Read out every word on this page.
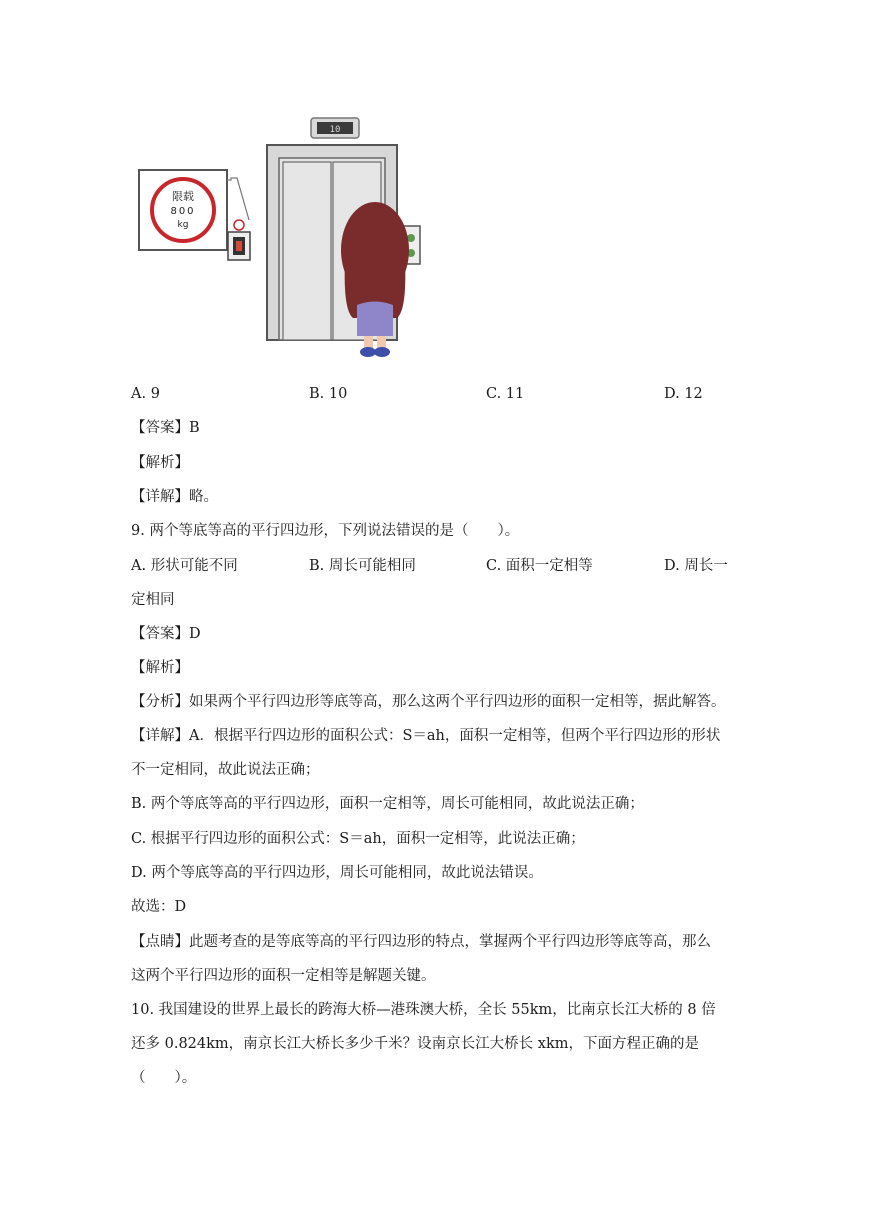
限载
800
kg
10
A. 9	B. 10	C. 11	D. 12
【答案】B
【解析】
【详解】略。
9. 两个等底等高的平行四边形，下列说法错误的是（　　）。
A. 形状可能不同	B. 周长可能相同	C. 面积一定相等	D. 周长一
定相同
【答案】D
【解析】
【分析】如果两个平行四边形等底等高，那么这两个平行四边形的面积一定相等，据此解答。
【详解】A．根据平行四边形的面积公式：S＝ah，面积一定相等，但两个平行四边形的形状
不一定相同，故此说法正确；
B. 两个等底等高的平行四边形，面积一定相等，周长可能相同，故此说法正确；
C. 根据平行四边形的面积公式：S＝ah，面积一定相等，此说法正确；
D. 两个等底等高的平行四边形，周长可能相同，故此说法错误。
故选：D
【点睛】此题考查的是等底等高的平行四边形的特点，掌握两个平行四边形等底等高，那么
这两个平行四边形的面积一定相等是解题关键。
10. 我国建设的世界上最长的跨海大桥—港珠澳大桥，全长 55km，比南京长江大桥的 8 倍
还多 0.824km，南京长江大桥长多少千米？设南京长江大桥长 xkm，下面方程正确的是
（　　）。
